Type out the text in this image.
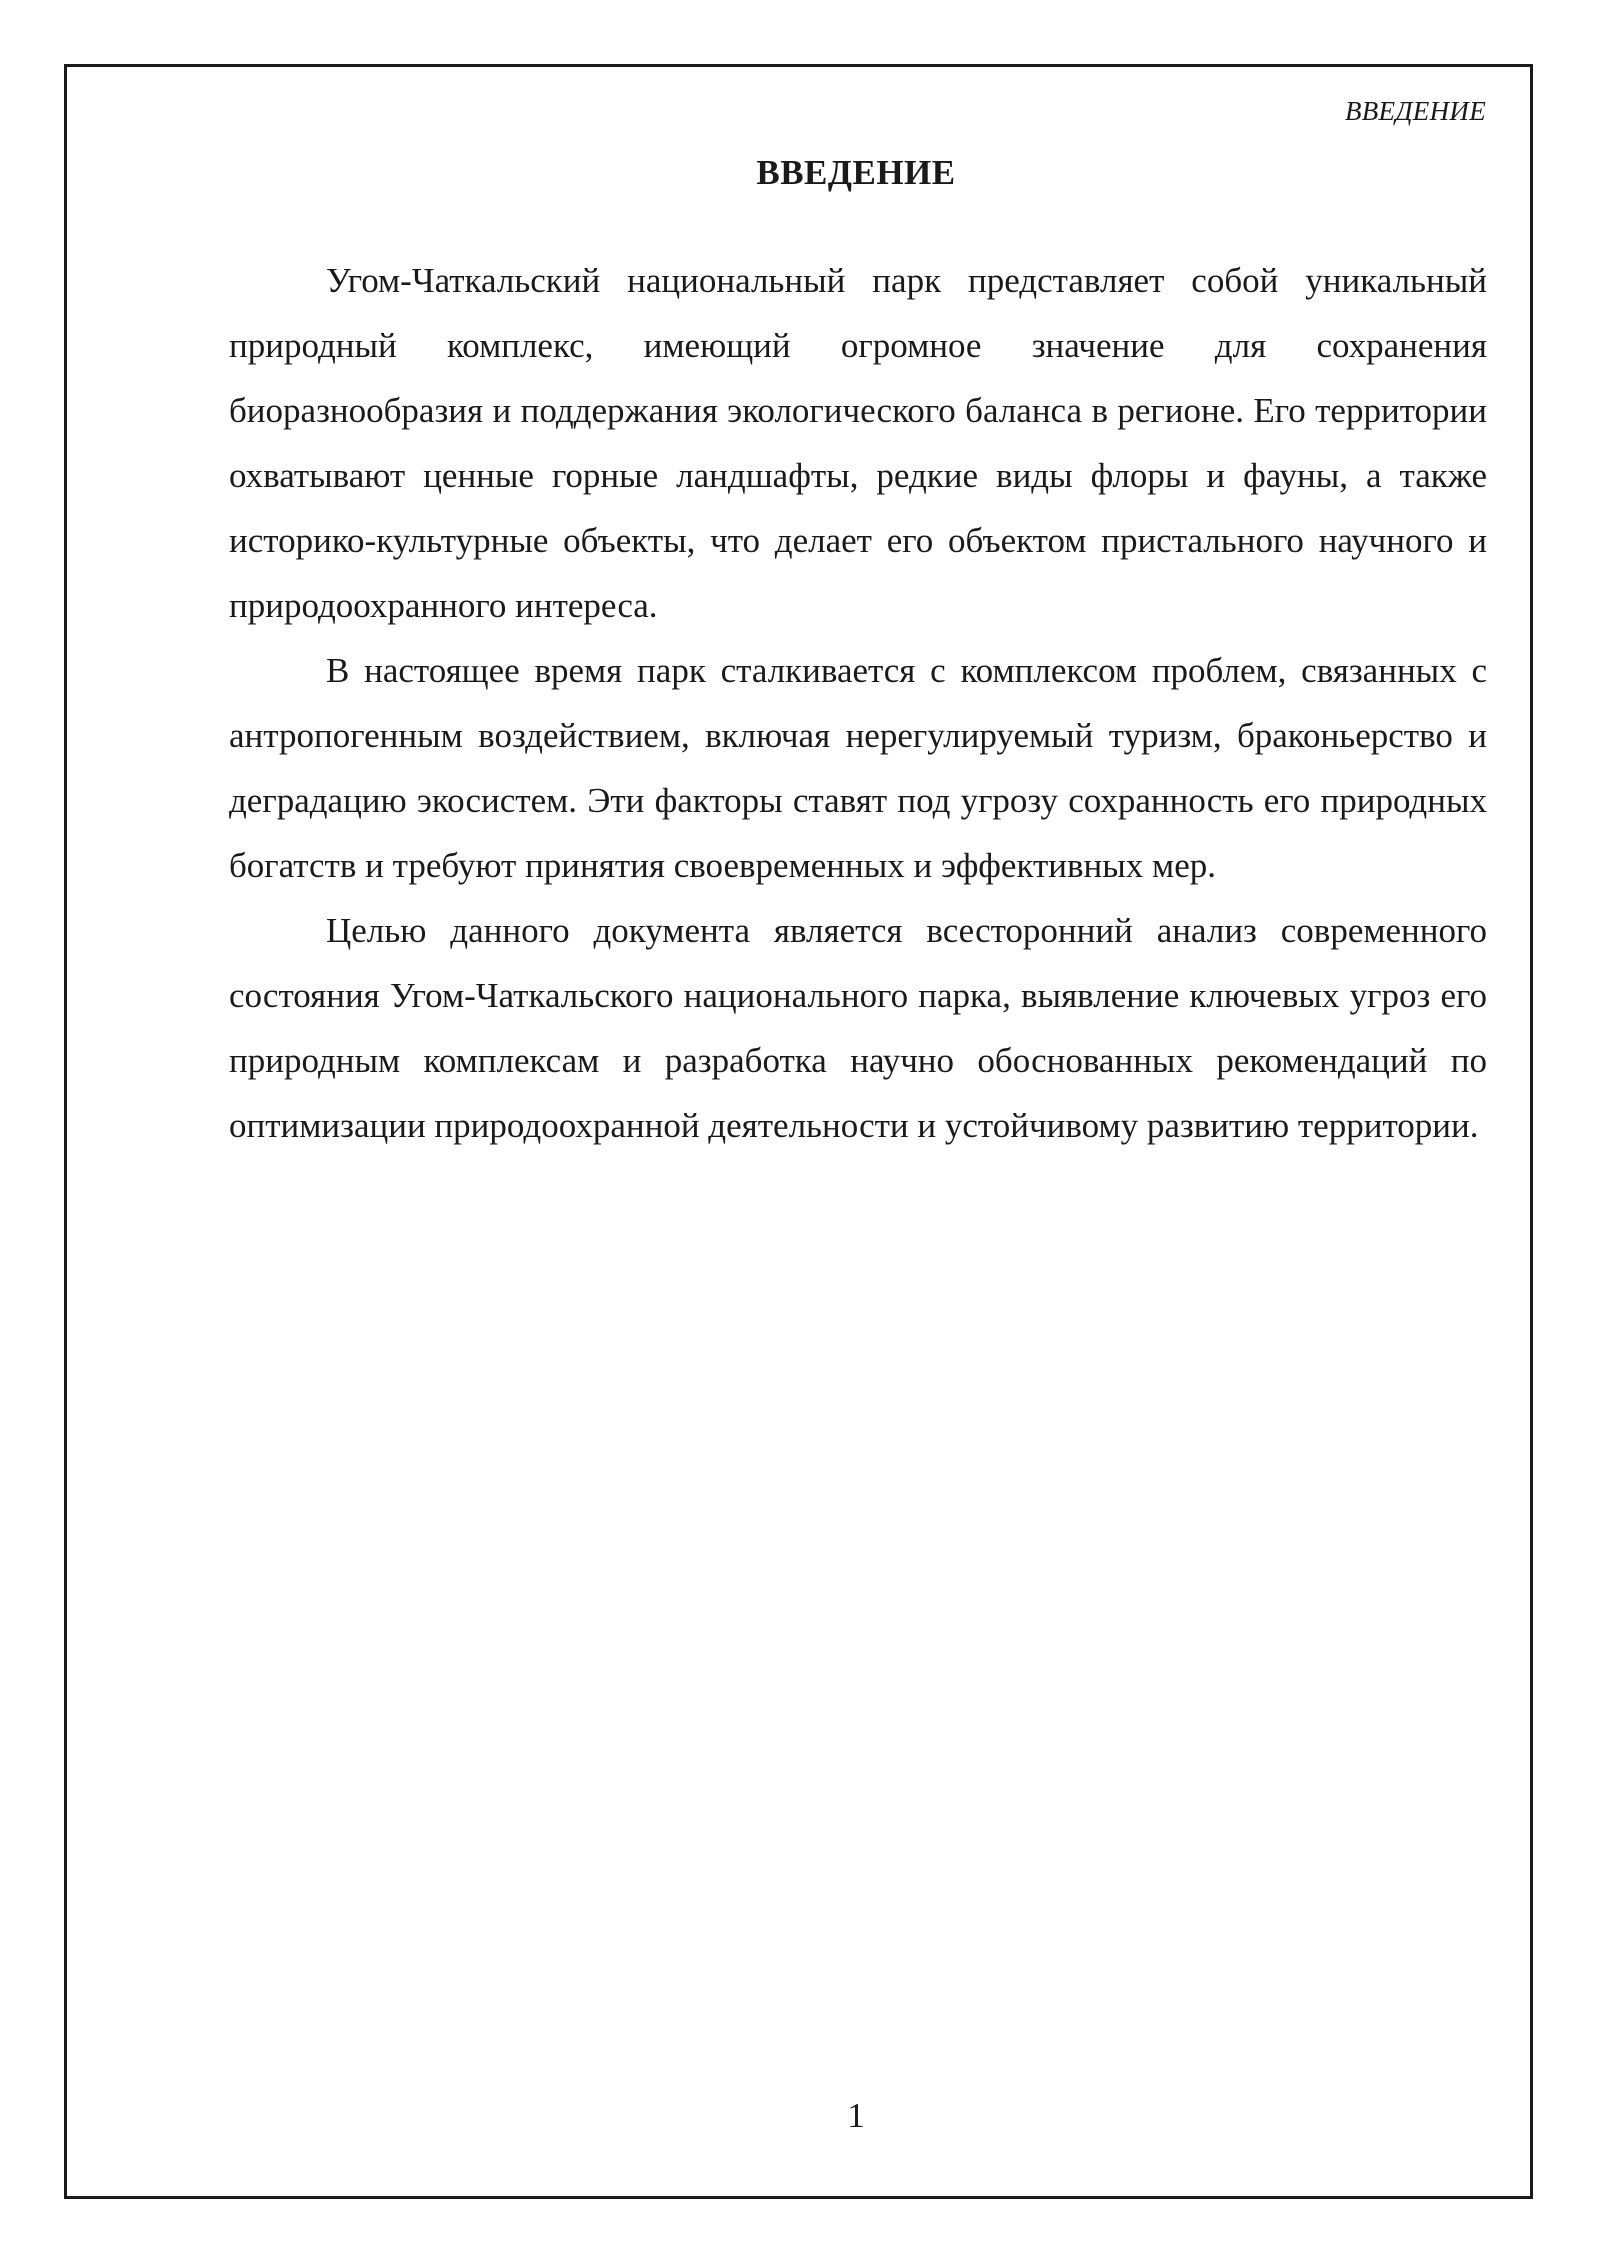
ВВЕДЕНИЕ
ВВЕДЕНИЕ

Угом-Чаткальский национальный парк представляет собой уникальный природный комплекс, имеющий огромное значение для сохранения биоразнообразия и поддержания экологического баланса в регионе. Его территории охватывают ценные горные ландшафты, редкие виды флоры и фауны, а также историко-культурные объекты, что делает его объектом пристального научного и природоохранного интереса.

В настоящее время парк сталкивается с комплексом проблем, связанных с антропогенным воздействием, включая нерегулируемый туризм, браконьерство и деградацию экосистем. Эти факторы ставят под угрозу сохранность его природных богатств и требуют принятия своевременных и эффективных мер.

Целью данного документа является всесторонний анализ современного состояния Угом-Чаткальского национального парка, выявление ключевых угроз его природным комплексам и разработка научно обоснованных рекомендаций по оптимизации природоохранной деятельности и устойчивому развитию территории.

1
